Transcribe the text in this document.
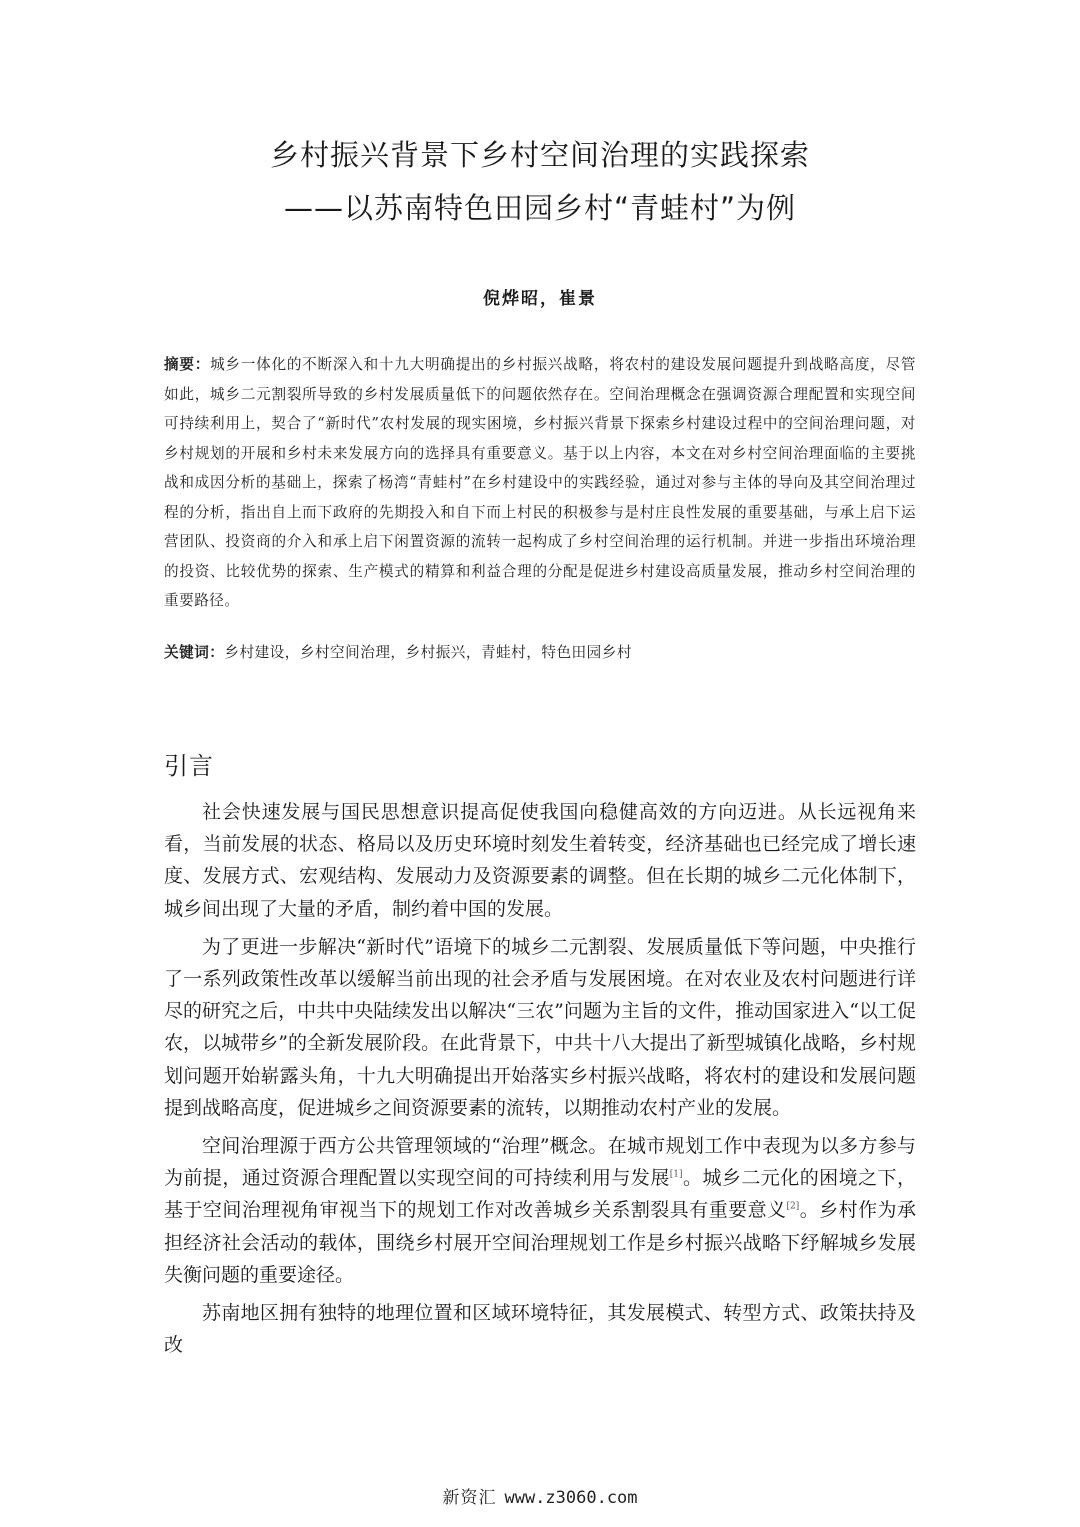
乡村振兴背景下乡村空间治理的实践探索
——以苏南特色田园乡村“青蛙村”为例
倪烨昭，崔景
摘要：城乡一体化的不断深入和十九大明确提出的乡村振兴战略，将农村的建设发展问题提升到战略高度，尽管如此，城乡二元割裂所导致的乡村发展质量低下的问题依然存在。空间治理概念在强调资源合理配置和实现空间可持续利用上，契合了“新时代”农村发展的现实困境，乡村振兴背景下探索乡村建设过程中的空间治理问题，对乡村规划的开展和乡村未来发展方向的选择具有重要意义。基于以上内容，本文在对乡村空间治理面临的主要挑战和成因分析的基础上，探索了杨湾“青蛙村”在乡村建设中的实践经验，通过对参与主体的导向及其空间治理过程的分析，指出自上而下政府的先期投入和自下而上村民的积极参与是村庄良性发展的重要基础，与承上启下运营团队、投资商的介入和承上启下闲置资源的流转一起构成了乡村空间治理的运行机制。并进一步指出环境治理的投资、比较优势的探索、生产模式的精算和利益合理的分配是促进乡村建设高质量发展，推动乡村空间治理的重要路径。
关键词：乡村建设，乡村空间治理，乡村振兴，青蛙村，特色田园乡村
引言

社会快速发展与国民思想意识提高促使我国向稳健高效的方向迈进。从长远视角来看，当前发展的状态、格局以及历史环境时刻发生着转变，经济基础也已经完成了增长速度、发展方式、宏观结构、发展动力及资源要素的调整。但在长期的城乡二元化体制下，城乡间出现了大量的矛盾，制约着中国的发展。

为了更进一步解决“新时代”语境下的城乡二元割裂、发展质量低下等问题，中央推行了一系列政策性改革以缓解当前出现的社会矛盾与发展困境。在对农业及农村问题进行详尽的研究之后，中共中央陆续发出以解决“三农”问题为主旨的文件，推动国家进入“以工促农，以城带乡”的全新发展阶段。在此背景下，中共十八大提出了新型城镇化战略，乡村规划问题开始崭露头角，十九大明确提出开始落实乡村振兴战略，将农村的建设和发展问题提到战略高度，促进城乡之间资源要素的流转，以期推动农村产业的发展。

空间治理源于西方公共管理领域的“治理”概念。在城市规划工作中表现为以多方参与为前提，通过资源合理配置以实现空间的可持续利用与发展[1]。城乡二元化的困境之下，基于空间治理视角审视当下的规划工作对改善城乡关系割裂具有重要意义[2]。乡村作为承担经济社会活动的载体，围绕乡村展开空间治理规划工作是乡村振兴战略下纾解城乡发展失衡问题的重要途径。

苏南地区拥有独特的地理位置和区域环境特征，其发展模式、转型方式、政策扶持及改

新资汇 www.z3060.com
